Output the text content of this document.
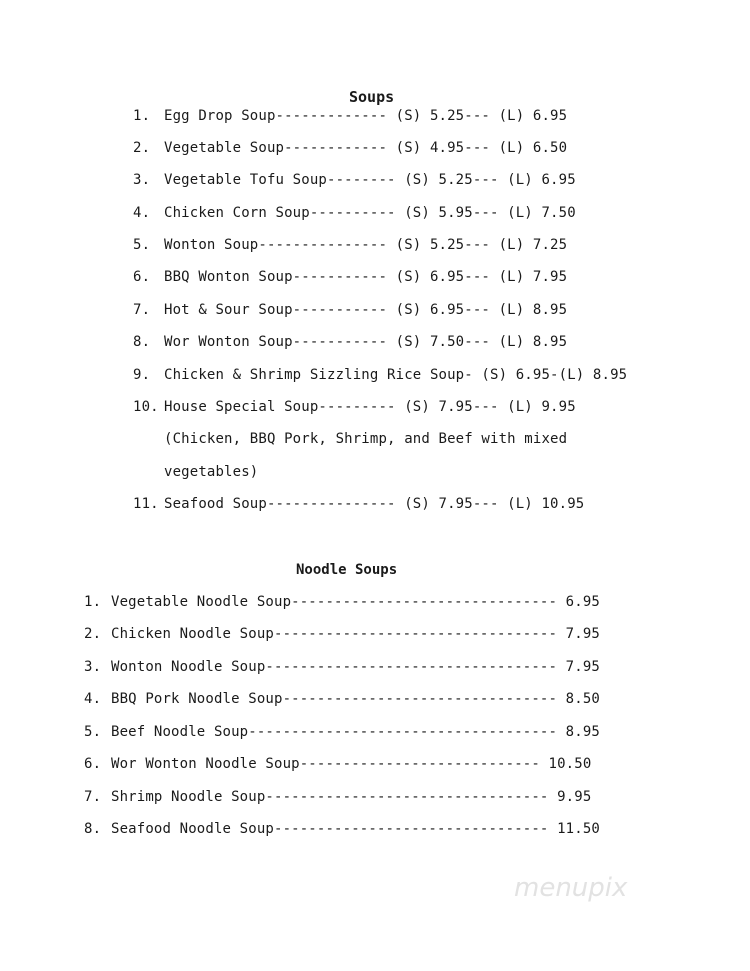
Soups
1. Egg Drop Soup------------- (S) 5.25--- (L) 6.95
2. Vegetable Soup------------ (S) 4.95--- (L) 6.50
3. Vegetable Tofu Soup-------- (S) 5.25--- (L) 6.95
4. Chicken Corn Soup---------- (S) 5.95--- (L) 7.50
5. Wonton Soup--------------- (S) 5.25--- (L) 7.25
6. BBQ Wonton Soup----------- (S) 6.95--- (L) 7.95
7. Hot & Sour Soup----------- (S) 6.95--- (L) 8.95
8. Wor Wonton Soup----------- (S) 7.50--- (L) 8.95
9. Chicken & Shrimp Sizzling Rice Soup- (S) 6.95-(L) 8.95
10. House Special Soup--------- (S) 7.95--- (L) 9.95
(Chicken, BBQ Pork, Shrimp, and Beef with mixed
vegetables)
11. Seafood Soup--------------- (S) 7.95--- (L) 10.95
Noodle Soups
1. Vegetable Noodle Soup------------------------------- 6.95
2. Chicken Noodle Soup--------------------------------- 7.95
3. Wonton Noodle Soup---------------------------------- 7.95
4. BBQ Pork Noodle Soup-------------------------------- 8.50
5. Beef Noodle Soup------------------------------------ 8.95
6. Wor Wonton Noodle Soup---------------------------- 10.50
7. Shrimp Noodle Soup--------------------------------- 9.95
8. Seafood Noodle Soup-------------------------------- 11.50
menupix
